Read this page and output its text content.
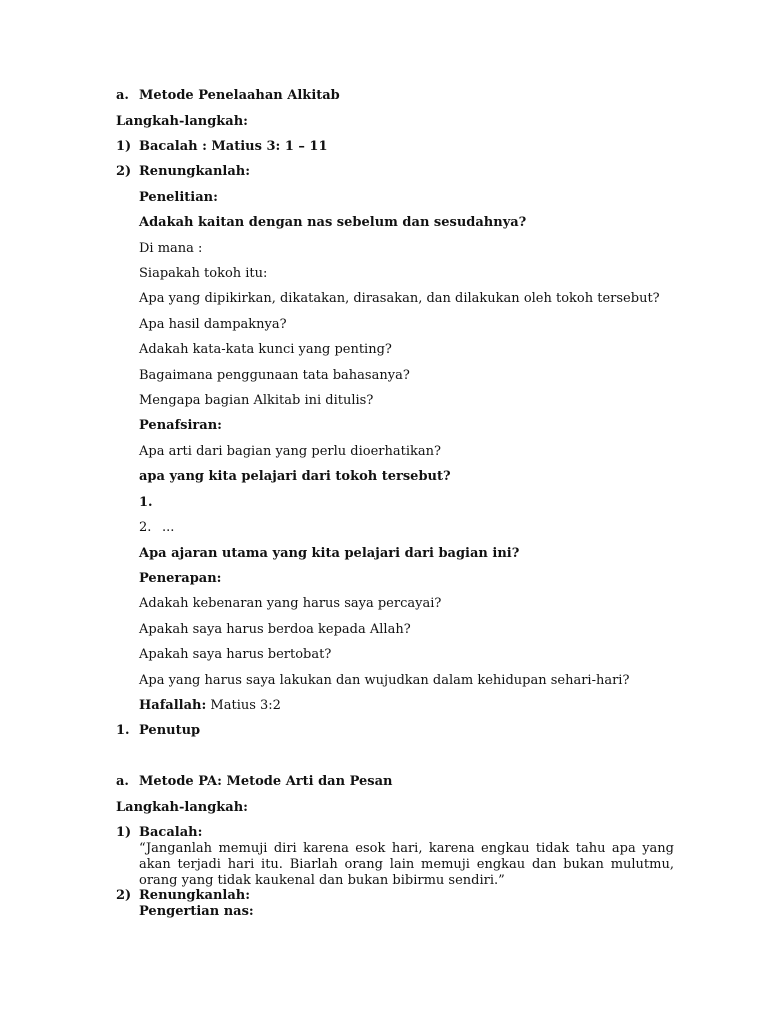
a. Metode Penelaahan Alkitab
Langkah-langkah:
1) Bacalah : Matius 3: 1 – 11
2) Renungkanlah:
Penelitian:
Adakah kaitan dengan nas sebelum dan sesudahnya?
Di mana :
Siapakah tokoh itu:
Apa yang dipikirkan, dikatakan, dirasakan, dan dilakukan oleh tokoh tersebut?
Apa hasil dampaknya?
Adakah kata-kata kunci yang penting?
Bagaimana penggunaan tata bahasanya?
Mengapa bagian Alkitab ini ditulis?
Penafsiran:
Apa arti dari bagian yang perlu dioerhatikan?
apa yang kita pelajari dari tokoh tersebut?
1.
2. ...
Apa ajaran utama yang kita pelajari dari bagian ini?
Penerapan:
Adakah kebenaran yang harus saya percayai?
Apakah saya harus berdoa kepada Allah?
Apakah saya harus bertobat?
Apa yang harus saya lakukan dan wujudkan dalam kehidupan sehari-hari?
Hafallah: Matius 3:2
1. Penutup
a. Metode PA: Metode Arti dan Pesan
Langkah-langkah:
1) Bacalah:
“Janganlah memuji diri karena esok hari, karena engkau tidak tahu apa yang akan terjadi hari itu. Biarlah orang lain memuji engkau dan bukan mulutmu, orang yang tidak kaukenal dan bukan bibirmu sendiri.”
2) Renungkanlah:
Pengertian nas:
